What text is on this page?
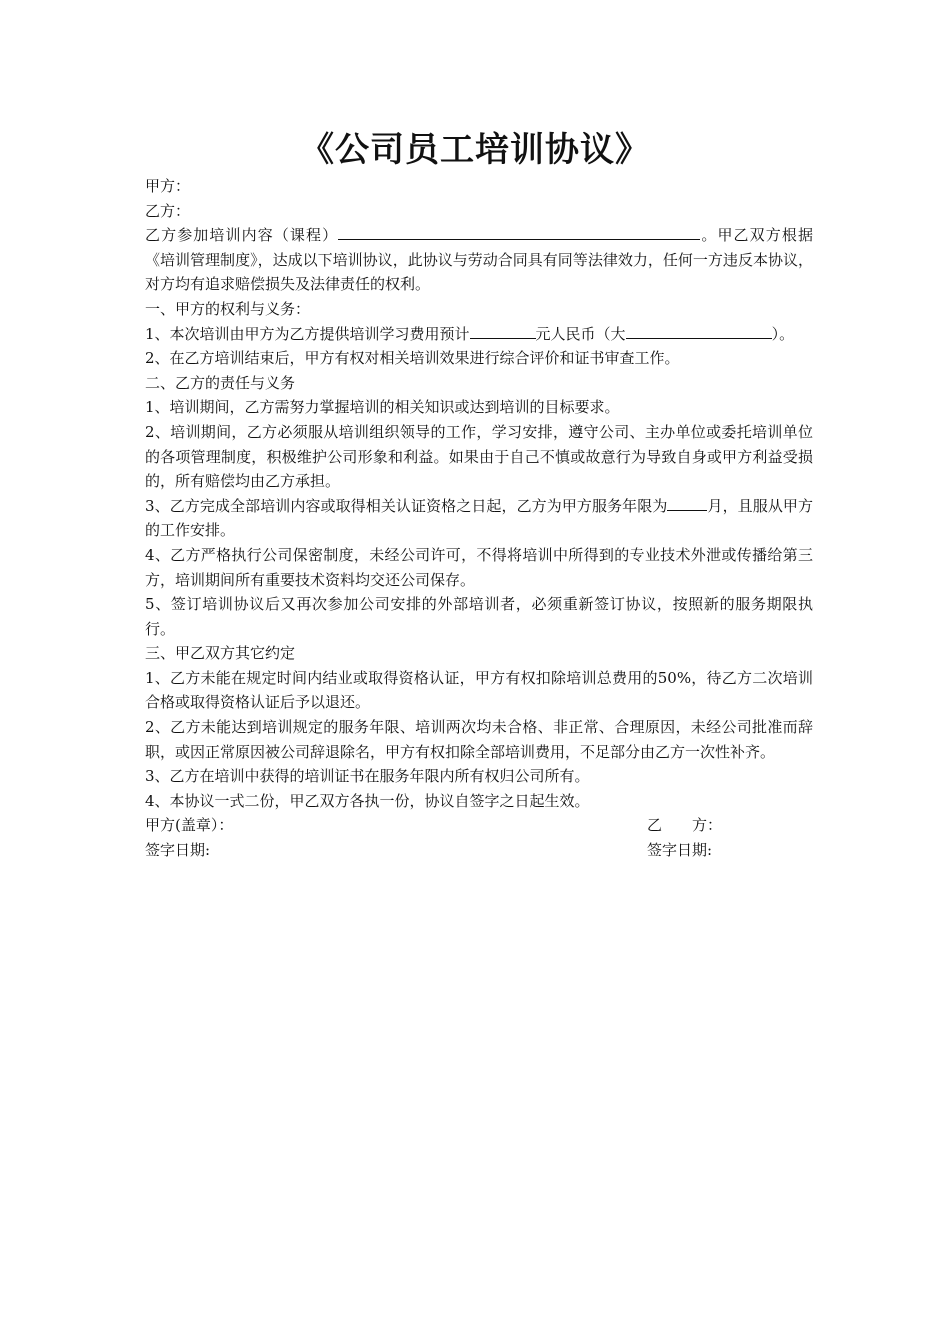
《公司员工培训协议》
甲方：
乙方：
乙方参加培训内容（课程）	。甲乙双方根据《培训管理制度》，达成以下培训协议，此协议与劳动合同具有同等法律效力，任何一方违反本协议，对方均有追求赔偿损失及法律责任的权利。
一、甲方的权利与义务：
1、本次培训由甲方为乙方提供培训学习费用预计	元人民币（大	）。
2、在乙方培训结束后，甲方有权对相关培训效果进行综合评价和证书审查工作。
二、乙方的责任与义务
1、培训期间，乙方需努力掌握培训的相关知识或达到培训的目标要求。
2、培训期间，乙方必须服从培训组织领导的工作，学习安排，遵守公司、主办单位或委托培训单位的各项管理制度，积极维护公司形象和利益。如果由于自己不慎或故意行为导致自身或甲方利益受损的，所有赔偿均由乙方承担。
3、乙方完成全部培训内容或取得相关认证资格之日起，乙方为甲方服务年限为	月，且服从甲方的工作安排。
4、乙方严格执行公司保密制度，未经公司许可，不得将培训中所得到的专业技术外泄或传播给第三方，培训期间所有重要技术资料均交还公司保存。
5、签订培训协议后又再次参加公司安排的外部培训者，必须重新签订协议，按照新的服务期限执行。
三、甲乙双方其它约定
1、乙方未能在规定时间内结业或取得资格认证，甲方有权扣除培训总费用的50%，待乙方二次培训合格或取得资格认证后予以退还。
2、乙方未能达到培训规定的服务年限、培训两次均未合格、非正常、合理原因，未经公司批准而辞职，或因正常原因被公司辞退除名，甲方有权扣除全部培训费用，不足部分由乙方一次性补齐。
3、乙方在培训中获得的培训证书在服务年限内所有权归公司所有。
4、本协议一式二份，甲乙双方各执一份，协议自签字之日起生效。
甲方(盖章）：	乙　　方：
签字日期:	签字日期:
